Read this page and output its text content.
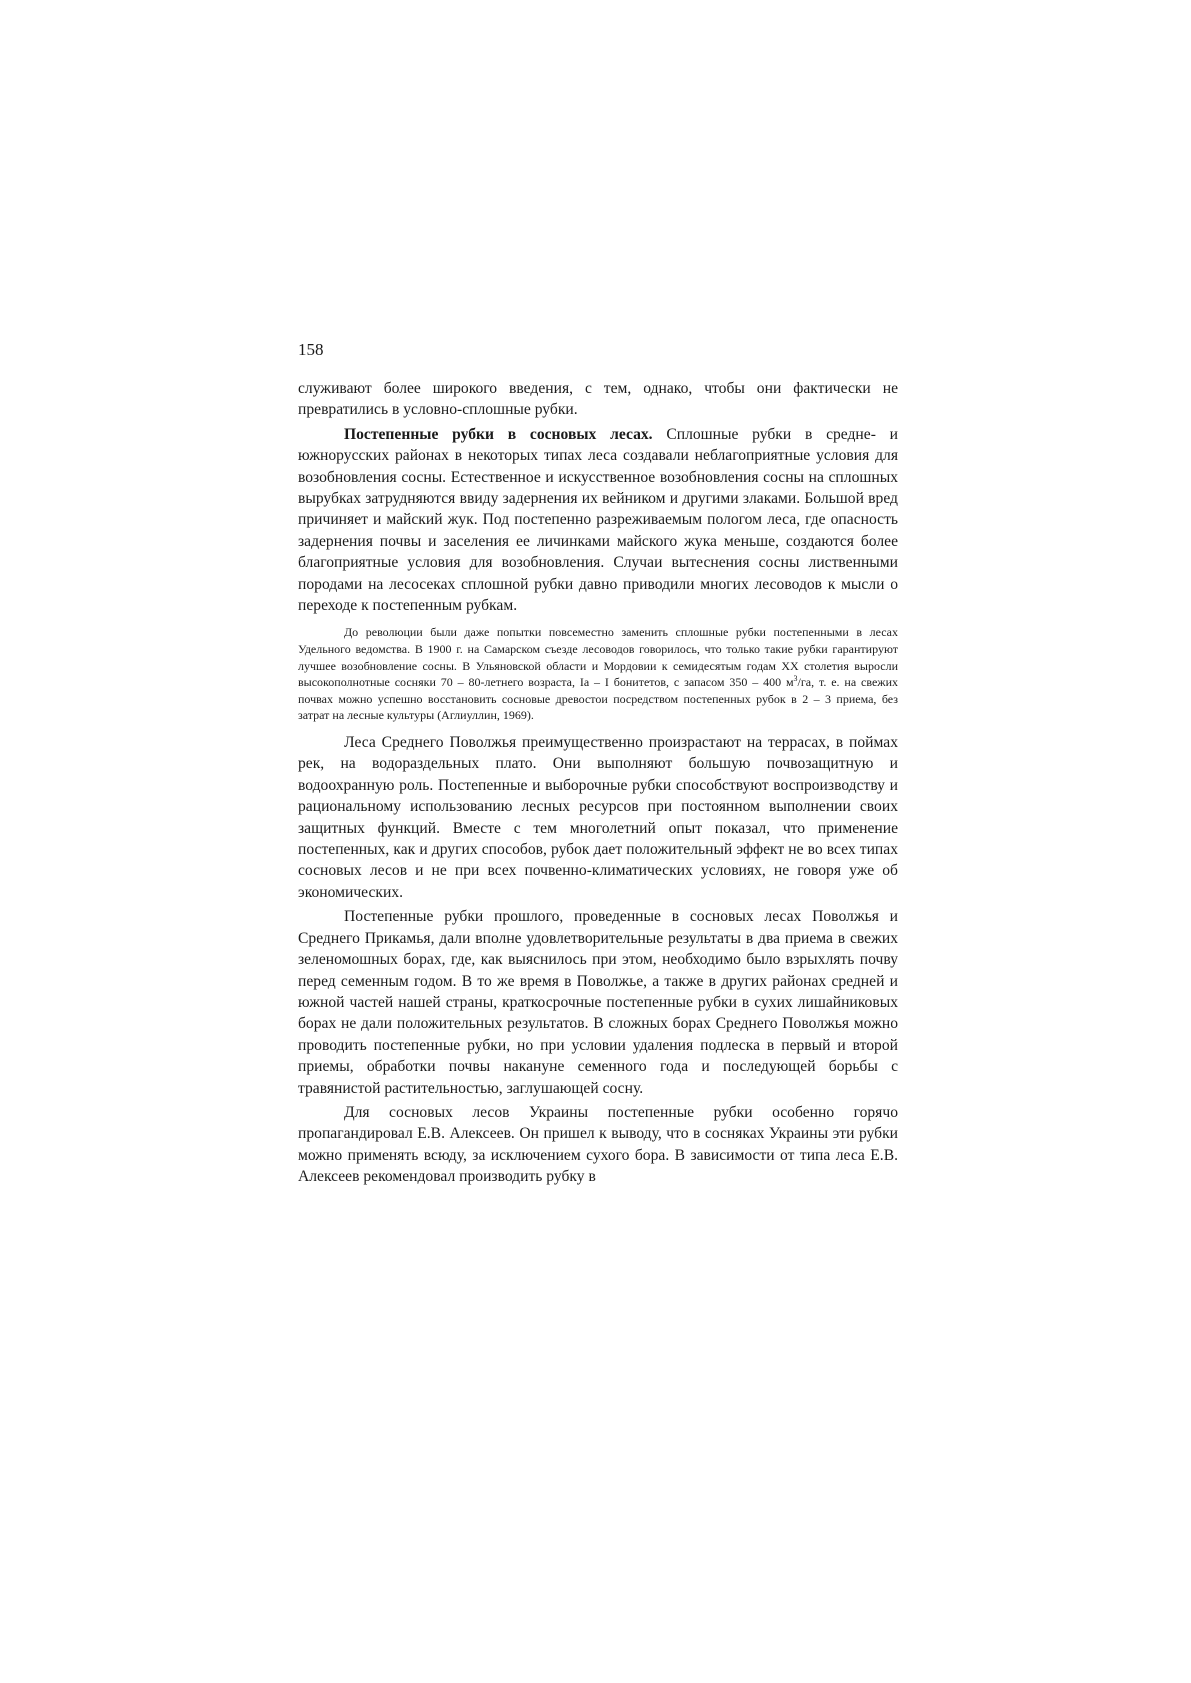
158

служивают более широкого введения, с тем, однако, чтобы они фактически не превратились в условно-сплошные рубки.

Постепенные рубки в сосновых лесах. Сплошные рубки в средне- и южнорусских районах в некоторых типах леса создавали неблагоприятные условия для возобновления сосны. Естественное и искусственное возобновления сосны на сплошных вырубках затрудняются ввиду задернения их вейником и другими злаками. Большой вред причиняет и майский жук. Под постепенно разреживаемым пологом леса, где опасность задернения почвы и заселения ее личинками майского жука меньше, создаются более благоприятные условия для возобновления. Случаи вытеснения сосны лиственными породами на лесосеках сплошной рубки давно приводили многих лесоводов к мысли о переходе к постепенным рубкам.

До революции были даже попытки повсеместно заменить сплошные рубки постепенными в лесах Удельного ведомства. В 1900 г. на Самарском съезде лесоводов говорилось, что только такие рубки гарантируют лучшее возобновление сосны. В Ульяновской области и Мордовии к семидесятым годам XX столетия выросли высокополнотные сосняки 70 – 80-летнего возраста, Ia – I бонитетов, с запасом 350 – 400 $м^3/га$, т. е. на свежих почвах можно успешно восстановить сосновые древостои посредством постепенных рубок в 2 – 3 приема, без затрат на лесные культуры (Аглиуллин, 1969).

Леса Среднего Поволжья преимущественно произрастают на террасах, в поймах рек, на водораздельных плато. Они выполняют большую почвозащитную и водоохранную роль. Постепенные и выборочные рубки способствуют воспроизводству и рациональному использованию лесных ресурсов при постоянном выполнении своих защитных функций. Вместе с тем многолетний опыт показал, что применение постепенных, как и других способов, рубок дает положительный эффект не во всех типах сосновых лесов и не при всех почвенно-климатических условиях, не говоря уже об экономических.

Постепенные рубки прошлого, проведенные в сосновых лесах Поволжья и Среднего Прикамья, дали вполне удовлетворительные результаты в два приема в свежих зеленомошных борах, где, как выяснилось при этом, необходимо было взрыхлять почву перед семенным годом. В то же время в Поволжье, а также в других районах средней и южной частей нашей страны, краткосрочные постепенные рубки в сухих лишайниковых борах не дали положительных результатов. В сложных борах Среднего Поволжья можно проводить постепенные рубки, но при условии удаления подлеска в первый и второй приемы, обработки почвы накануне семенного года и последующей борьбы с травянистой растительностью, заглушающей сосну.

Для сосновых лесов Украины постепенные рубки особенно горячо пропагандировал Е.В. Алексеев. Он пришел к выводу, что в сосняках Украины эти рубки можно применять всюду, за исключением сухого бора. В зависимости от типа леса Е.В. Алексеев рекомендовал производить рубку в
